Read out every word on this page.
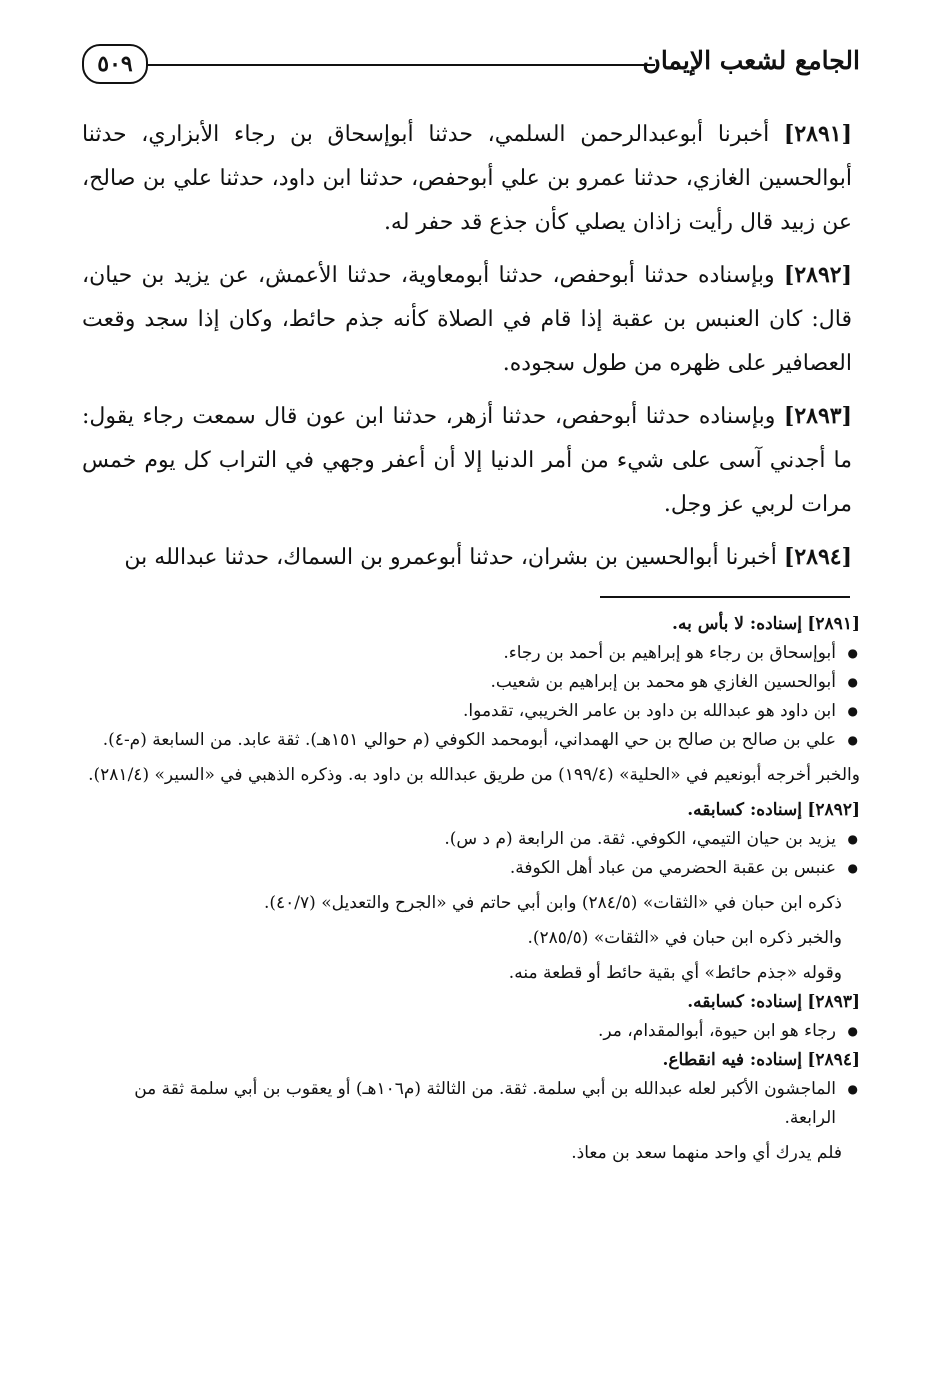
الجامع لشعب الإيمان
٥٠٩

[٢٨٩١] أخبرنا أبوعبدالرحمن السلمي، حدثنا أبوإسحاق بن رجاء الأبزاري، حدثنا أبوالحسين الغازي، حدثنا عمرو بن علي أبوحفص، حدثنا ابن داود، حدثنا علي بن صالح، عن زبيد قال رأيت زاذان يصلي كأن جذع قد حفر له.

[٢٨٩٢] وبإسناده حدثنا أبوحفص، حدثنا أبومعاوية، حدثنا الأعمش، عن يزيد بن حيان، قال: كان العنبس بن عقبة إذا قام في الصلاة كأنه جذم حائط، وكان إذا سجد وقعت العصافير على ظهره من طول سجوده.

[٢٨٩٣] وبإسناده حدثنا أبوحفص، حدثنا أزهر، حدثنا ابن عون قال سمعت رجاء يقول: ما أجدني آسى على شيء من أمر الدنيا إلا أن أعفر وجهي في التراب كل يوم خمس مرات لربي عز وجل.

[٢٨٩٤] أخبرنا أبوالحسين بن بشران، حدثنا أبوعمرو بن السماك، حدثنا عبدالله بن

[٢٨٩١] إسناده: لا بأس به.

● أبوإسحاق بن رجاء هو إبراهيم بن أحمد بن رجاء.
● أبوالحسين الغازي هو محمد بن إبراهيم بن شعيب.
● ابن داود هو عبدالله بن داود بن عامر الخريبي، تقدموا.
● علي بن صالح بن صالح بن حي الهمداني، أبومحمد الكوفي (م حوالي ١٥١هـ). ثقة عابد. من السابعة (م-٤).

والخبر أخرجه أبونعيم في «الحلية» (١٩٩/٤) من طريق عبدالله بن داود به. وذكره الذهبي في «السير» (٢٨١/٤).

[٢٨٩٢] إسناده: كسابقه.

● يزيد بن حيان التيمي، الكوفي. ثقة. من الرابعة (م د س).
● عنبس بن عقبة الحضرمي من عباد أهل الكوفة.

ذكره ابن حبان في «الثقات» (٢٨٤/٥) وابن أبي حاتم في «الجرح والتعديل» (٤٠/٧).

والخبر ذكره ابن حبان في «الثقات» (٢٨٥/٥).

وقوله «جذم حائط» أي بقية حائط أو قطعة منه.

[٢٨٩٣] إسناده: كسابقه.

● رجاء هو ابن حيوة، أبوالمقدام، مر.

[٢٨٩٤] إسناده: فيه انقطاع.

● الماجشون الأكبر لعله عبدالله بن أبي سلمة. ثقة. من الثالثة (م١٠٦هـ) أو يعقوب بن أبي سلمة ثقة من الرابعة.

فلم يدرك أي واحد منهما سعد بن معاذ.
